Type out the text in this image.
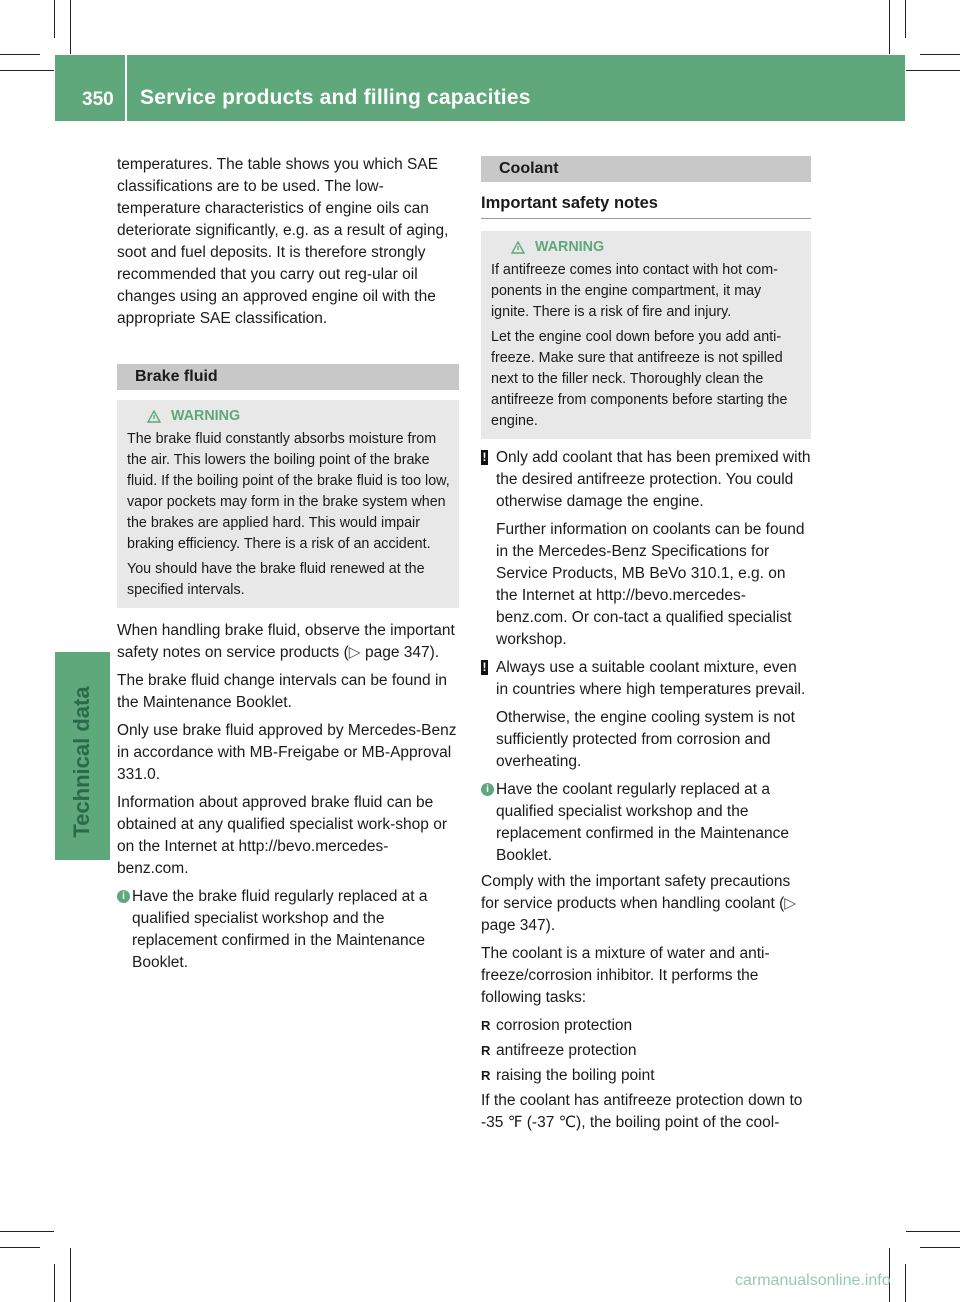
350 Service products and filling capacities
Technical data

temperatures. The table shows you which SAE classifications are to be used. The low-temperature characteristics of engine oils can deteriorate significantly, e.g. as a result of aging, soot and fuel deposits. It is therefore strongly recommended that you carry out reg-ular oil changes using an approved engine oil with the appropriate SAE classification.

Brake fluid
WARNING

The brake fluid constantly absorbs moisture from the air. This lowers the boiling point of the brake fluid. If the boiling point of the brake fluid is too low, vapor pockets may form in the brake system when the brakes are applied hard. This would impair braking efficiency. There is a risk of an accident.

You should have the brake fluid renewed at the specified intervals.

When handling brake fluid, observe the important safety notes on service products (▷ page 347).

The brake fluid change intervals can be found in the Maintenance Booklet.

Only use brake fluid approved by Mercedes-Benz in accordance with MB-Freigabe or MB-Approval 331.0.

Information about approved brake fluid can be obtained at any qualified specialist work-shop or on the Internet at http://bevo.mercedes-benz.com.

i Have the brake fluid regularly replaced at a qualified specialist workshop and the replacement confirmed in the Maintenance Booklet.
Coolant
Important safety notes
WARNING

If antifreeze comes into contact with hot com-ponents in the engine compartment, it may ignite. There is a risk of fire and injury.

Let the engine cool down before you add anti-freeze. Make sure that antifreeze is not spilled next to the filler neck. Thoroughly clean the antifreeze from components before starting the engine.

! Only add coolant that has been premixed with the desired antifreeze protection. You could otherwise damage the engine.

Further information on coolants can be found in the Mercedes-Benz Specifications for Service Products, MB BeVo 310.1, e.g. on the Internet at http://bevo.mercedes-benz.com. Or con-tact a qualified specialist workshop.

! Always use a suitable coolant mixture, even in countries where high temperatures prevail.

Otherwise, the engine cooling system is not sufficiently protected from corrosion and overheating.

i Have the coolant regularly replaced at a qualified specialist workshop and the replacement confirmed in the Maintenance Booklet.

Comply with the important safety precautions for service products when handling coolant (▷ page 347).

The coolant is a mixture of water and anti-freeze/corrosion inhibitor. It performs the following tasks:

R corrosion protection
R antifreeze protection
R raising the boiling point

If the coolant has antifreeze protection down to -35 ℉ (-37 ℃), the boiling point of the cool-

carmanualsonline.info
